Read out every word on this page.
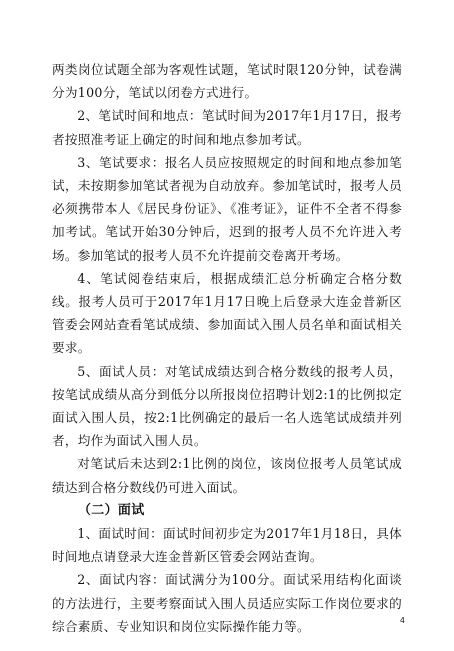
两类岗位试题全部为客观性试题，笔试时限120分钟，试卷满分为100分，笔试以闭卷方式进行。

2、笔试时间和地点：笔试时间为2017年1月17日，报考者按照准考证上确定的时间和地点参加考试。

3、笔试要求：报名人员应按照规定的时间和地点参加笔试，未按期参加笔试者视为自动放弃。参加笔试时，报考人员必须携带本人《居民身份证》、《准考证》，证件不全者不得参加考试。笔试开始30分钟后，迟到的报考人员不允许进入考场。参加笔试的报考人员不允许提前交卷离开考场。

4、笔试阅卷结束后，根据成绩汇总分析确定合格分数线。报考人员可于2017年1月17日晚上后登录大连金普新区管委会网站查看笔试成绩、参加面试入围人员名单和面试相关要求。

5、面试人员：对笔试成绩达到合格分数线的报考人员，按笔试成绩从高分到低分以所报岗位招聘计划2:1的比例拟定面试入围人员，按2:1比例确定的最后一名人选笔试成绩并列者，均作为面试入围人员。

对笔试后未达到2:1比例的岗位，该岗位报考人员笔试成绩达到合格分数线仍可进入面试。

（二）面试

1、面试时间：面试时间初步定为2017年1月18日，具体时间地点请登录大连金普新区管委会网站查询。

2、面试内容：面试满分为100分。面试采用结构化面谈的方法进行，主要考察面试入围人员适应实际工作岗位要求的综合素质、专业知识和岗位实际操作能力等。	4
